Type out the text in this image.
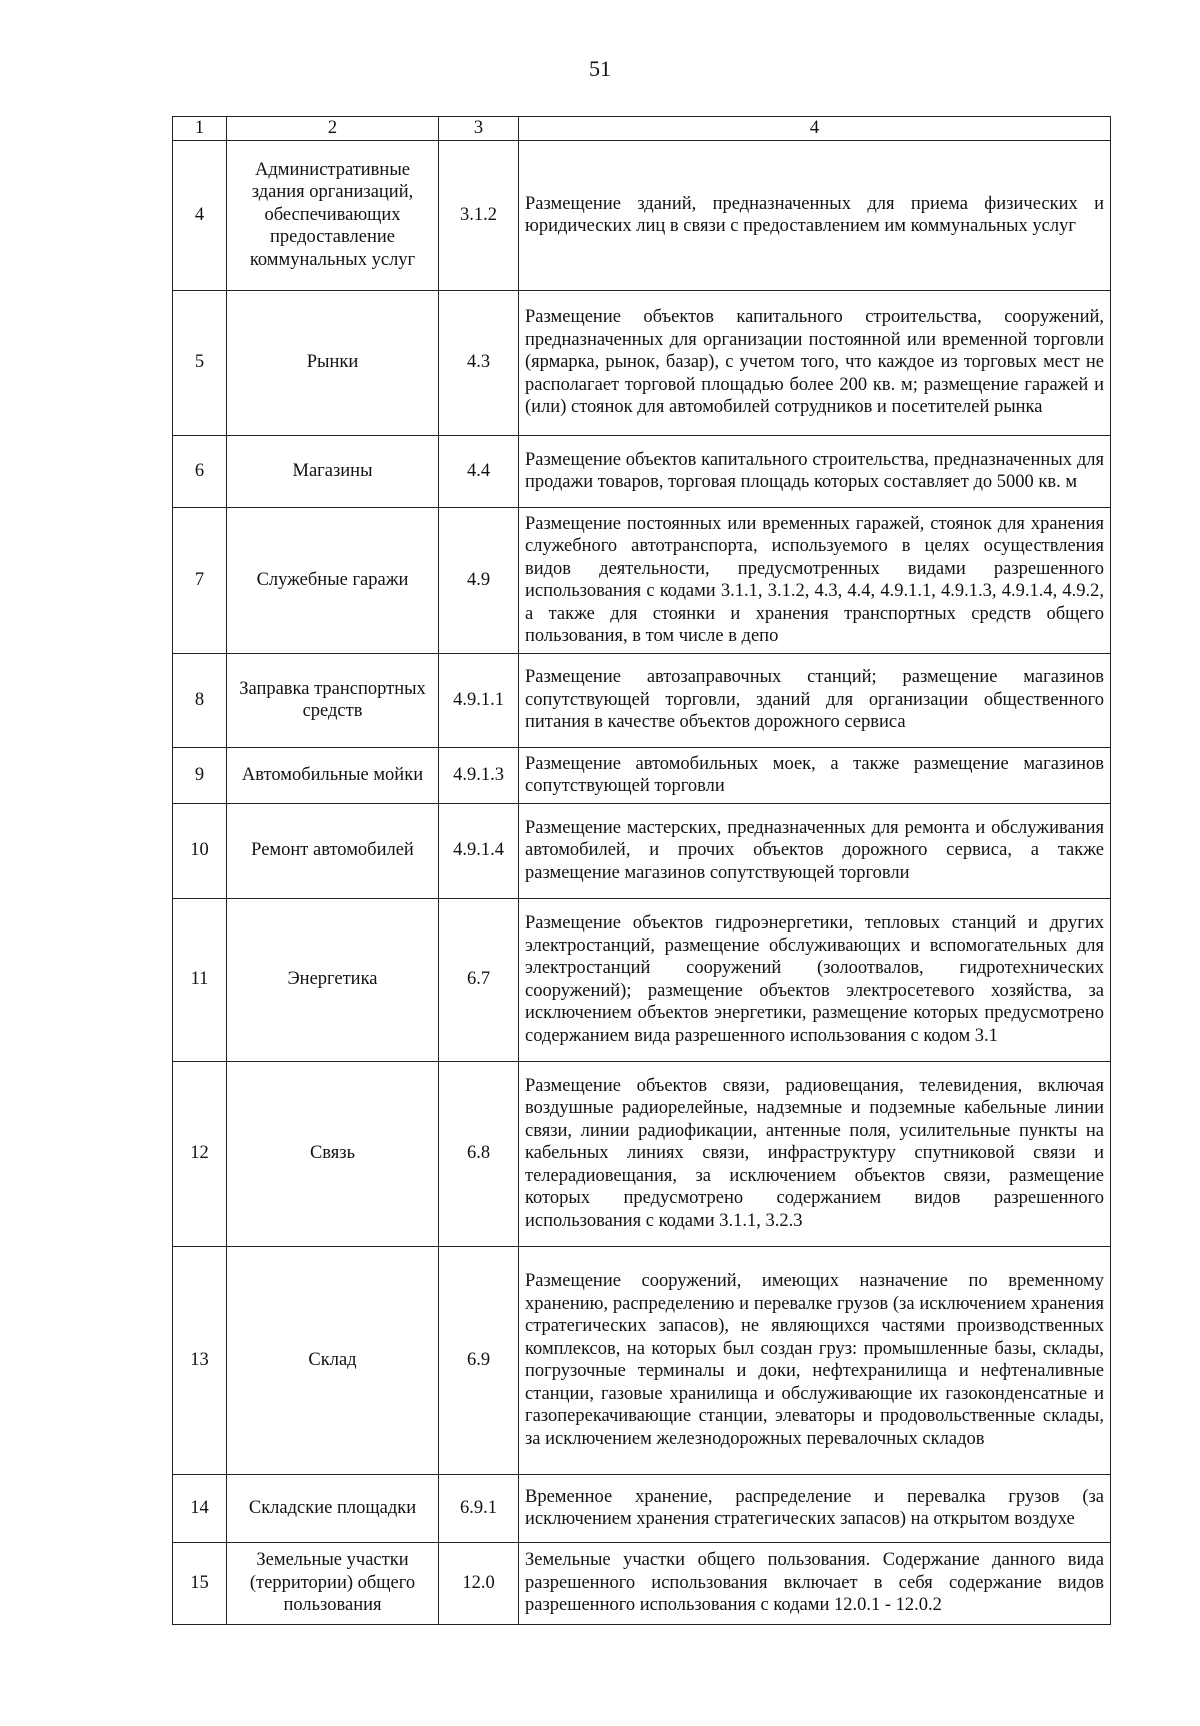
51
1	2	3	4
4	Административные здания организаций, обеспечивающих предоставление коммунальных услуг	3.1.2	Размещение зданий, предназначенных для приема физических и юридических лиц в связи с предоставлением им коммунальных услуг
5	Рынки	4.3	Размещение объектов капитального строительства, сооружений, предназначенных для организации постоянной или временной торговли (ярмарка, рынок, базар), с учетом того, что каждое из торговых мест не располагает торговой площадью более 200 кв. м; размещение гаражей и (или) стоянок для автомобилей сотрудников и посетителей рынка
6	Магазины	4.4	Размещение объектов капитального строительства, предназначенных для продажи товаров, торговая площадь которых составляет до 5000 кв. м
7	Служебные гаражи	4.9	Размещение постоянных или временных гаражей, стоянок для хранения служебного автотранспорта, используемого в целях осуществления видов деятельности, предусмотренных видами разрешенного использования с кодами 3.1.1, 3.1.2, 4.3, 4.4, 4.9.1.1, 4.9.1.3, 4.9.1.4, 4.9.2, а также для стоянки и хранения транспортных средств общего пользования, в том числе в депо
8	Заправка транспортных средств	4.9.1.1	Размещение автозаправочных станций; размещение магазинов сопутствующей торговли, зданий для организации общественного питания в качестве объектов дорожного сервиса
9	Автомобильные мойки	4.9.1.3	Размещение автомобильных моек, а также размещение магазинов сопутствующей торговли
10	Ремонт автомобилей	4.9.1.4	Размещение мастерских, предназначенных для ремонта и обслуживания автомобилей, и прочих объектов дорожного сервиса, а также размещение магазинов сопутствующей торговли
11	Энергетика	6.7	Размещение объектов гидроэнергетики, тепловых станций и других электростанций, размещение обслуживающих и вспомогательных для электростанций сооружений (золоотвалов, гидротехнических сооружений); размещение объектов электросетевого хозяйства, за исключением объектов энергетики, размещение которых предусмотрено содержанием вида разрешенного использования с кодом 3.1
12	Связь	6.8	Размещение объектов связи, радиовещания, телевидения, включая воздушные радиорелейные, надземные и подземные кабельные линии связи, линии радиофикации, антенные поля, усилительные пункты на кабельных линиях связи, инфраструктуру спутниковой связи и телерадиовещания, за исключением объектов связи, размещение которых предусмотрено содержанием видов разрешенного использования с кодами 3.1.1, 3.2.3
13	Склад	6.9	Размещение сооружений, имеющих назначение по временному хранению, распределению и перевалке грузов (за исключением хранения стратегических запасов), не являющихся частями производственных комплексов, на которых был создан груз: промышленные базы, склады, погрузочные терминалы и доки, нефтехранилища и нефтеналивные станции, газовые хранилища и обслуживающие их газоконденсатные и газоперекачивающие станции, элеваторы и продовольственные склады, за исключением железнодорожных перевалочных складов
14	Складские площадки	6.9.1	Временное хранение, распределение и перевалка грузов (за исключением хранения стратегических запасов) на открытом воздухе
15	Земельные участки (территории) общего пользования	12.0	Земельные участки общего пользования. Содержание данного вида разрешенного использования включает в себя содержание видов разрешенного использования с кодами 12.0.1 - 12.0.2
